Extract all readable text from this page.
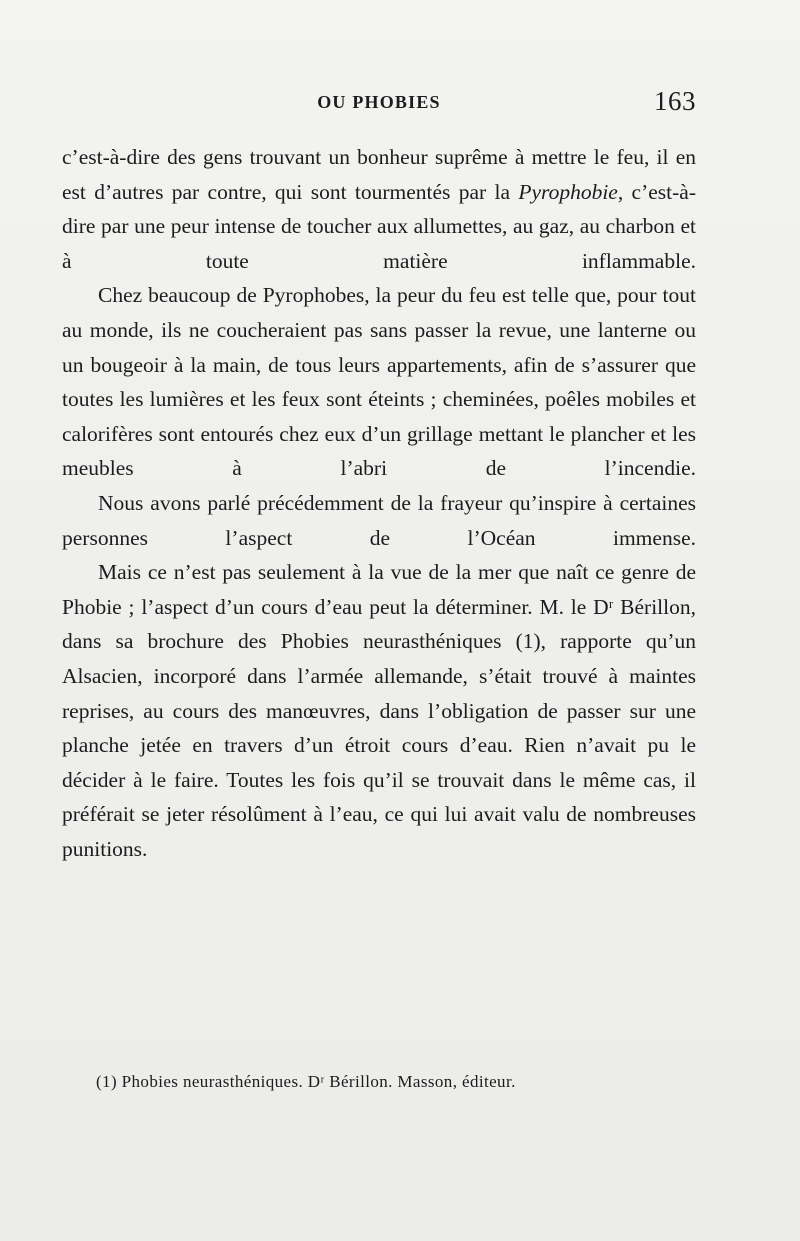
OU PHOBIES	163

c’est-à-dire des gens trouvant un bonheur suprême à mettre le feu, il en est d’autres par contre, qui sont tourmentés par la Pyrophobie, c’est-à-dire par une peur intense de toucher aux allumettes, au gaz, au charbon et à toute matière inflammable.

Chez beaucoup de Pyrophobes, la peur du feu est telle que, pour tout au monde, ils ne coucheraient pas sans passer la revue, une lanterne ou un bougeoir à la main, de tous leurs appartements, afin de s’assurer que toutes les lumières et les feux sont éteints ; cheminées, poêles mobiles et calorifères sont entourés chez eux d’un grillage mettant le plancher et les meubles à l’abri de l’incendie.

Nous avons parlé précédemment de la frayeur qu’inspire à certaines personnes l’aspect de l’Océan immense.

Mais ce n’est pas seulement à la vue de la mer que naît ce genre de Phobie ; l’aspect d’un cours d’eau peut la déterminer. M. le Dʳ Bérillon, dans sa brochure des Phobies neurasthéniques (1), rapporte qu’un Alsacien, incorporé dans l’armée allemande, s’était trouvé à maintes reprises, au cours des manœuvres, dans l’obligation de passer sur une planche jetée en travers d’un étroit cours d’eau. Rien n’avait pu le décider à le faire. Toutes les fois qu’il se trouvait dans le même cas, il préférait se jeter résolûment à l’eau, ce qui lui avait valu de nombreuses punitions.

(1) Phobies neurasthéniques. Dʳ Bérillon. Masson, éditeur.
